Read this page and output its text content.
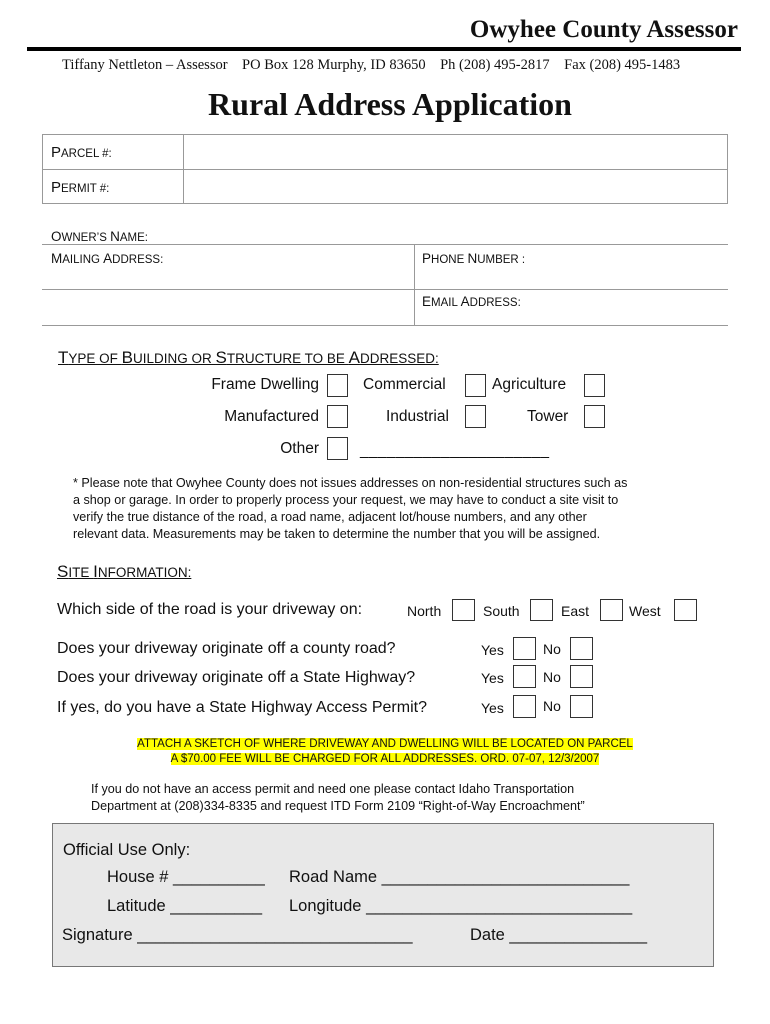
Owyhee County Assessor
Tiffany Nettleton – Assessor    PO Box 128 Murphy, ID 83650    Ph (208) 495-2817    Fax (208) 495-1483
Rural Address Application
PARCEL #:
PERMIT #:
OWNER’S NAME:
MAILING ADDRESS:	PHONE NUMBER :
EMAIL ADDRESS:
TYPE OF BUILDING OR STRUCTURE TO BE ADDRESSED:
Frame Dwelling	Commercial	Agriculture
Manufactured	Industrial	Tower
Other	_____________________
* Please note that Owyhee County does not issues addresses on non-residential structures such as
a shop or garage. In order to properly process your request, we may have to conduct a site visit to
verify the true distance of the road, a road name, adjacent lot/house numbers, and any other
relevant data. Measurements may be taken to determine the number that you will be assigned.
SITE INFORMATION:
Which side of the road is your driveway on:	North	South	East	West
Does your driveway originate off a county road?	Yes	No
Does your driveway originate off a State Highway?	Yes	No
If yes, do you have a State Highway Access Permit?	Yes	No
ATTACH A SKETCH OF WHERE DRIVEWAY AND DWELLING WILL BE LOCATED ON PARCEL
A $70.00 FEE WILL BE CHARGED FOR ALL ADDRESSES. ORD. 07-07, 12/3/2007
If you do not have an access permit and need one please contact Idaho Transportation
Department at (208)334-8335 and request ITD Form 2109 “Right-of-Way Encroachment”
Official Use Only:
House # __________ Road Name ___________________________
Latitude __________ Longitude _____________________________
Signature ______________________________	Date _______________
